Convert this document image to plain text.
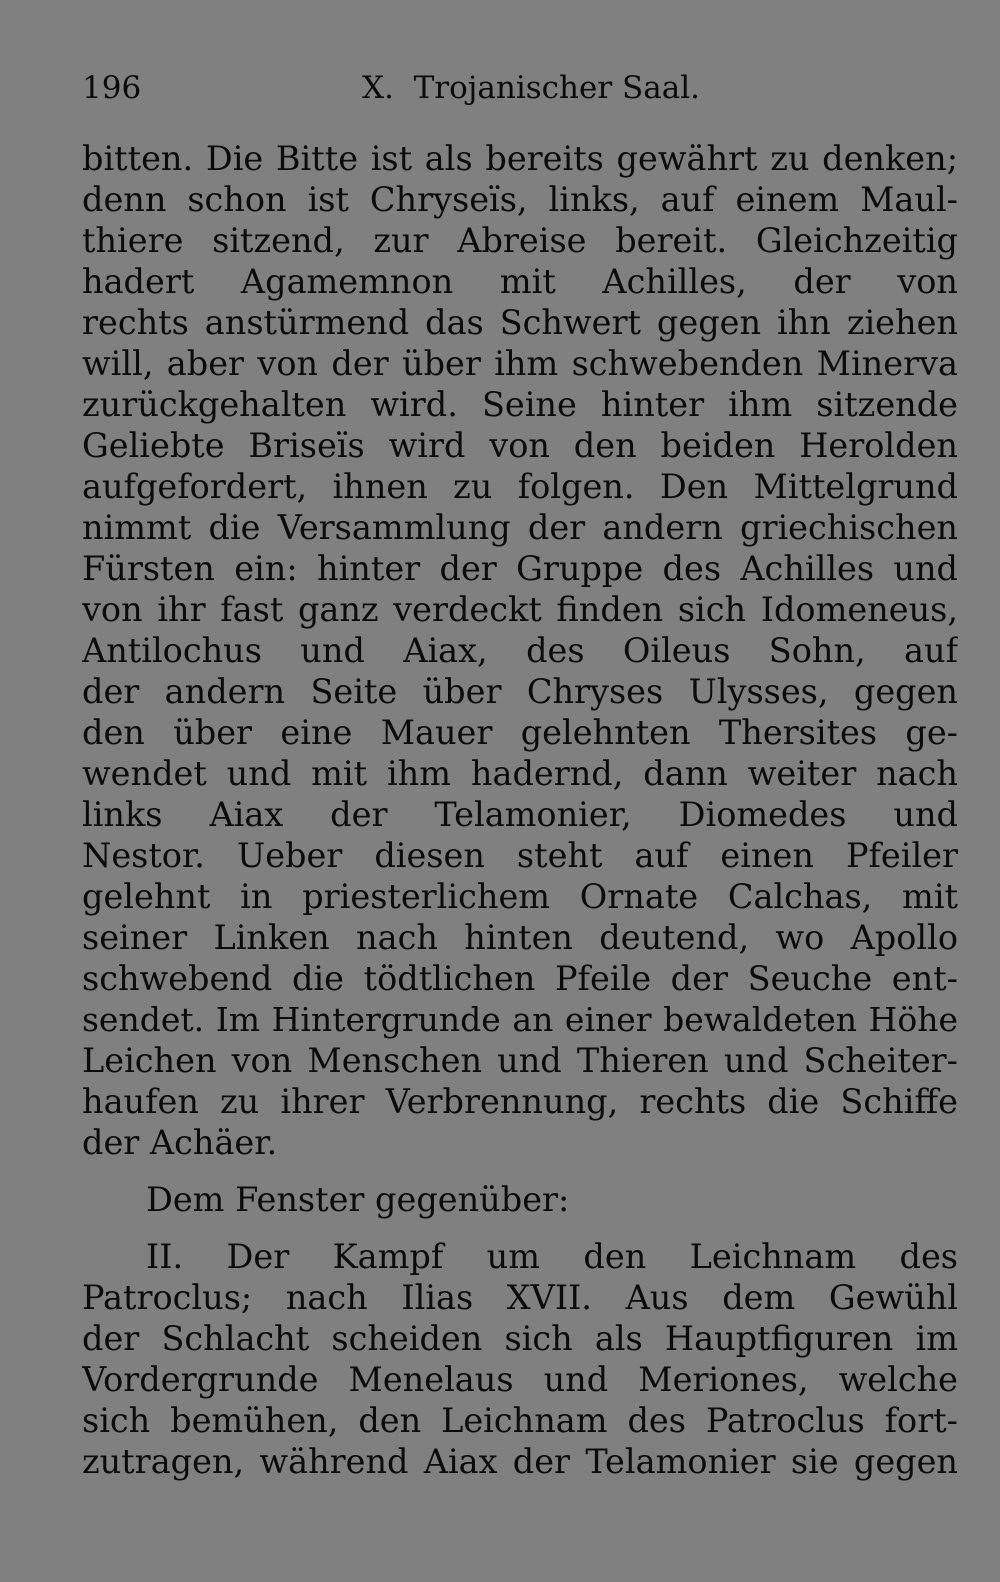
196	X.  Trojanischer Saal.
bitten. Die Bitte ist als bereits gewährt zu denken;
denn schon ist Chryseïs, links, auf einem Maul-
thiere sitzend, zur Abreise bereit. Gleichzeitig
hadert Agamemnon mit Achilles, der von
rechts anstürmend das Schwert gegen ihn ziehen
will, aber von der über ihm schwebenden Minerva
zurückgehalten wird. Seine hinter ihm sitzende
Geliebte Briseïs wird von den beiden Herolden
aufgefordert, ihnen zu folgen. Den Mittelgrund
nimmt die Versammlung der andern griechischen
Fürsten ein: hinter der Gruppe des Achilles und
von ihr fast ganz verdeckt finden sich Idomeneus,
Antilochus und Aiax, des Oileus Sohn, auf
der andern Seite über Chryses Ulysses, gegen
den über eine Mauer gelehnten Thersites ge-
wendet und mit ihm hadernd, dann weiter nach
links Aiax der Telamonier, Diomedes und
Nestor. Ueber diesen steht auf einen Pfeiler
gelehnt in priesterlichem Ornate Calchas, mit
seiner Linken nach hinten deutend, wo Apollo
schwebend die tödtlichen Pfeile der Seuche ent-
sendet. Im Hintergrunde an einer bewaldeten Höhe
Leichen von Menschen und Thieren und Scheiter-
haufen zu ihrer Verbrennung, rechts die Schiffe
der Achäer.
Dem Fenster gegenüber:
II. Der Kampf um den Leichnam des
Patroclus; nach Ilias XVII. Aus dem Gewühl
der Schlacht scheiden sich als Hauptfiguren im
Vordergrunde Menelaus und Meriones, welche
sich bemühen, den Leichnam des Patroclus fort-
zutragen, während Aiax der Telamonier sie gegen
